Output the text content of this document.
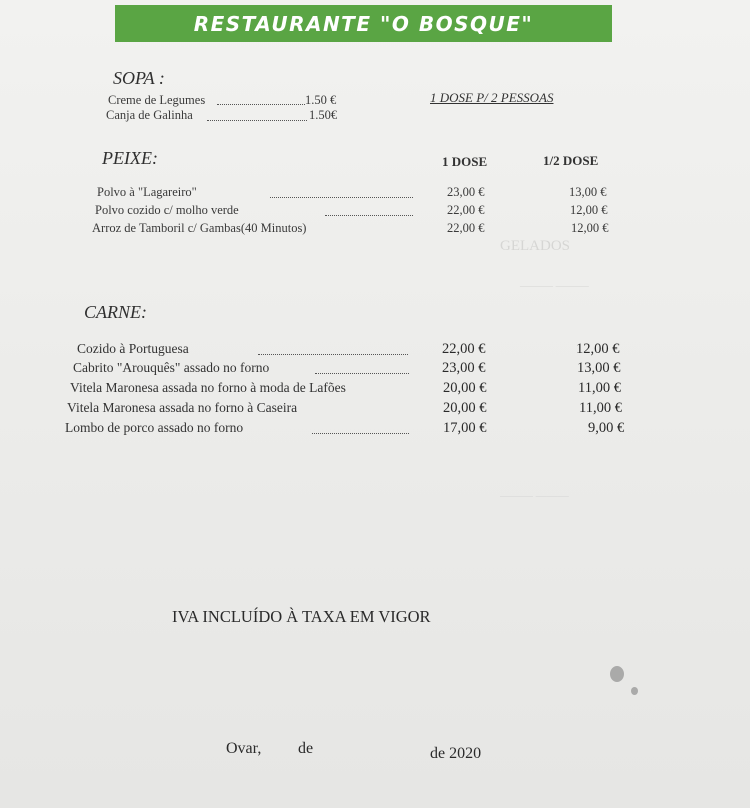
RESTAURANTE "O BOSQUE"
SOPA :
1 DOSE P/ 2 PESSOAS
Creme de Legumes	1.50 €
Canja de Galinha	1.50€
PEIXE:	1 DOSE	1/2 DOSE
Polvo à "Lagareiro"	23,00 €	13,00 €
Polvo cozido c/ molho verde	22,00 €	12,00 €
Arroz de Tamboril c/ Gambas(40 Minutos)	22,00 €	12,00 €
GELADOS
——— ———
——— ———
CARNE:
Cozido à Portuguesa	22,00 €	12,00 €
Cabrito "Arouquês" assado no forno	23,00 €	13,00 €
Vitela Maronesa assada no forno à moda de Lafões	20,00 €	11,00 €
Vitela Maronesa assada no forno à Caseira	20,00 €	11,00 €
Lombo de porco assado no forno	17,00 €	9,00 €
IVA INCLUÍDO À TAXA EM VIGOR
Ovar, de	de 2020
